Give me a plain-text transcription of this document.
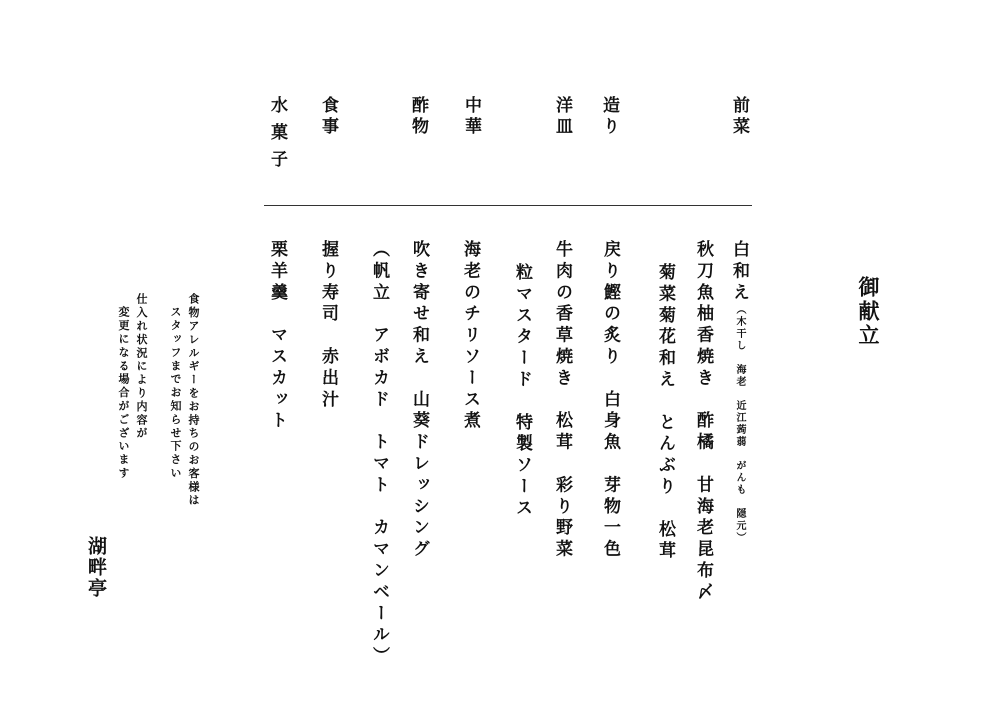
御献立
前菜
造り
洋皿
中華
酢物
食事
水菓子
白和え（木干し　海老　近江蒟蒻　がんも　隠元）
秋刀魚柚香焼き　酢橘　甘海老昆布〆
菊菜菊花和え　とんぶり　松茸
戻り鰹の炙り　白身魚　芽物一色
牛肉の香草焼き　松茸　彩り野菜
粒マスタード　特製ソース
海老のチリソース煮
吹き寄せ和え　山葵ドレッシング
（帆立　アボカド　トマト　カマンベール）
握り寿司　赤出汁
栗羊羹　マスカット
食物アレルギーをお持ちのお客様は
スタッフまでお知らせ下さい
仕入れ状況により内容が
変更になる場合がございます
湖畔亭
